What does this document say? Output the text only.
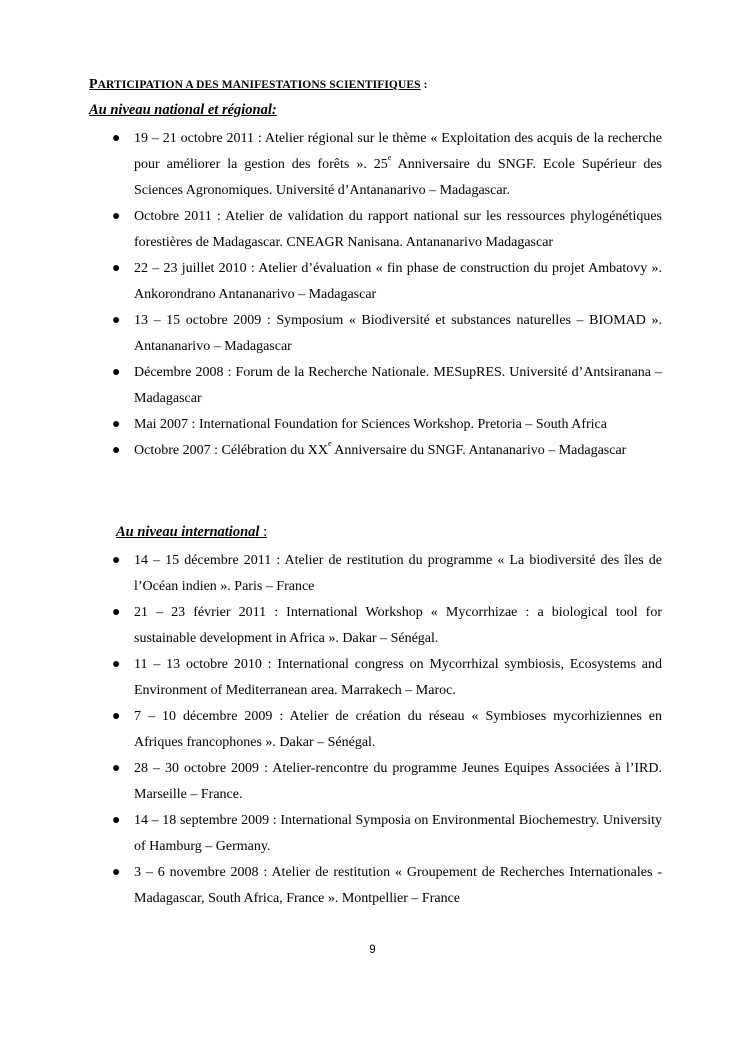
PARTICIPATION A DES MANIFESTATIONS SCIENTIFIQUES :
Au niveau national et régional:
● 19 – 21 octobre 2011 : Atelier régional sur le thème « Exploitation des acquis de la recherche pour améliorer la gestion des forêts ». 25e Anniversaire du SNGF. Ecole Supérieur des Sciences Agronomiques. Université d’Antananarivo – Madagascar.
● Octobre 2011 : Atelier de validation du rapport national sur les ressources phylogénétiques forestières de Madagascar. CNEAGR Nanisana. Antananarivo Madagascar
● 22 – 23 juillet 2010 : Atelier d’évaluation « fin phase de construction du projet Ambatovy ». Ankorondrano Antananarivo – Madagascar
● 13 – 15 octobre 2009 : Symposium « Biodiversité et substances naturelles – BIOMAD ». Antananarivo – Madagascar
● Décembre 2008 : Forum de la Recherche Nationale. MESupRES. Université d’Antsiranana – Madagascar
● Mai 2007 : International Foundation for Sciences Workshop. Pretoria – South Africa
● Octobre 2007 : Célébration du XXe Anniversaire du SNGF. Antananarivo – Madagascar
Au niveau international :
● 14 – 15 décembre 2011 : Atelier de restitution du programme « La biodiversité des îles de l’Océan indien ». Paris – France
● 21 – 23 février 2011 : International Workshop « Mycorrhizae : a biological tool for sustainable development in Africa ». Dakar – Sénégal.
● 11 – 13 octobre 2010 : International congress on Mycorrhizal symbiosis, Ecosystems and Environment of Mediterranean area. Marrakech – Maroc.
● 7 – 10 décembre 2009 : Atelier de création du réseau « Symbioses mycorhiziennes en Afriques francophones ». Dakar – Sénégal.
● 28 – 30 octobre 2009 : Atelier-rencontre du programme Jeunes Equipes Associées à l’IRD. Marseille – France.
● 14 – 18 septembre 2009 : International Symposia on Environmental Biochemestry. University of Hamburg – Germany.
● 3 – 6 novembre 2008 : Atelier de restitution « Groupement de Recherches Internationales - Madagascar, South Africa, France ». Montpellier – France
9
